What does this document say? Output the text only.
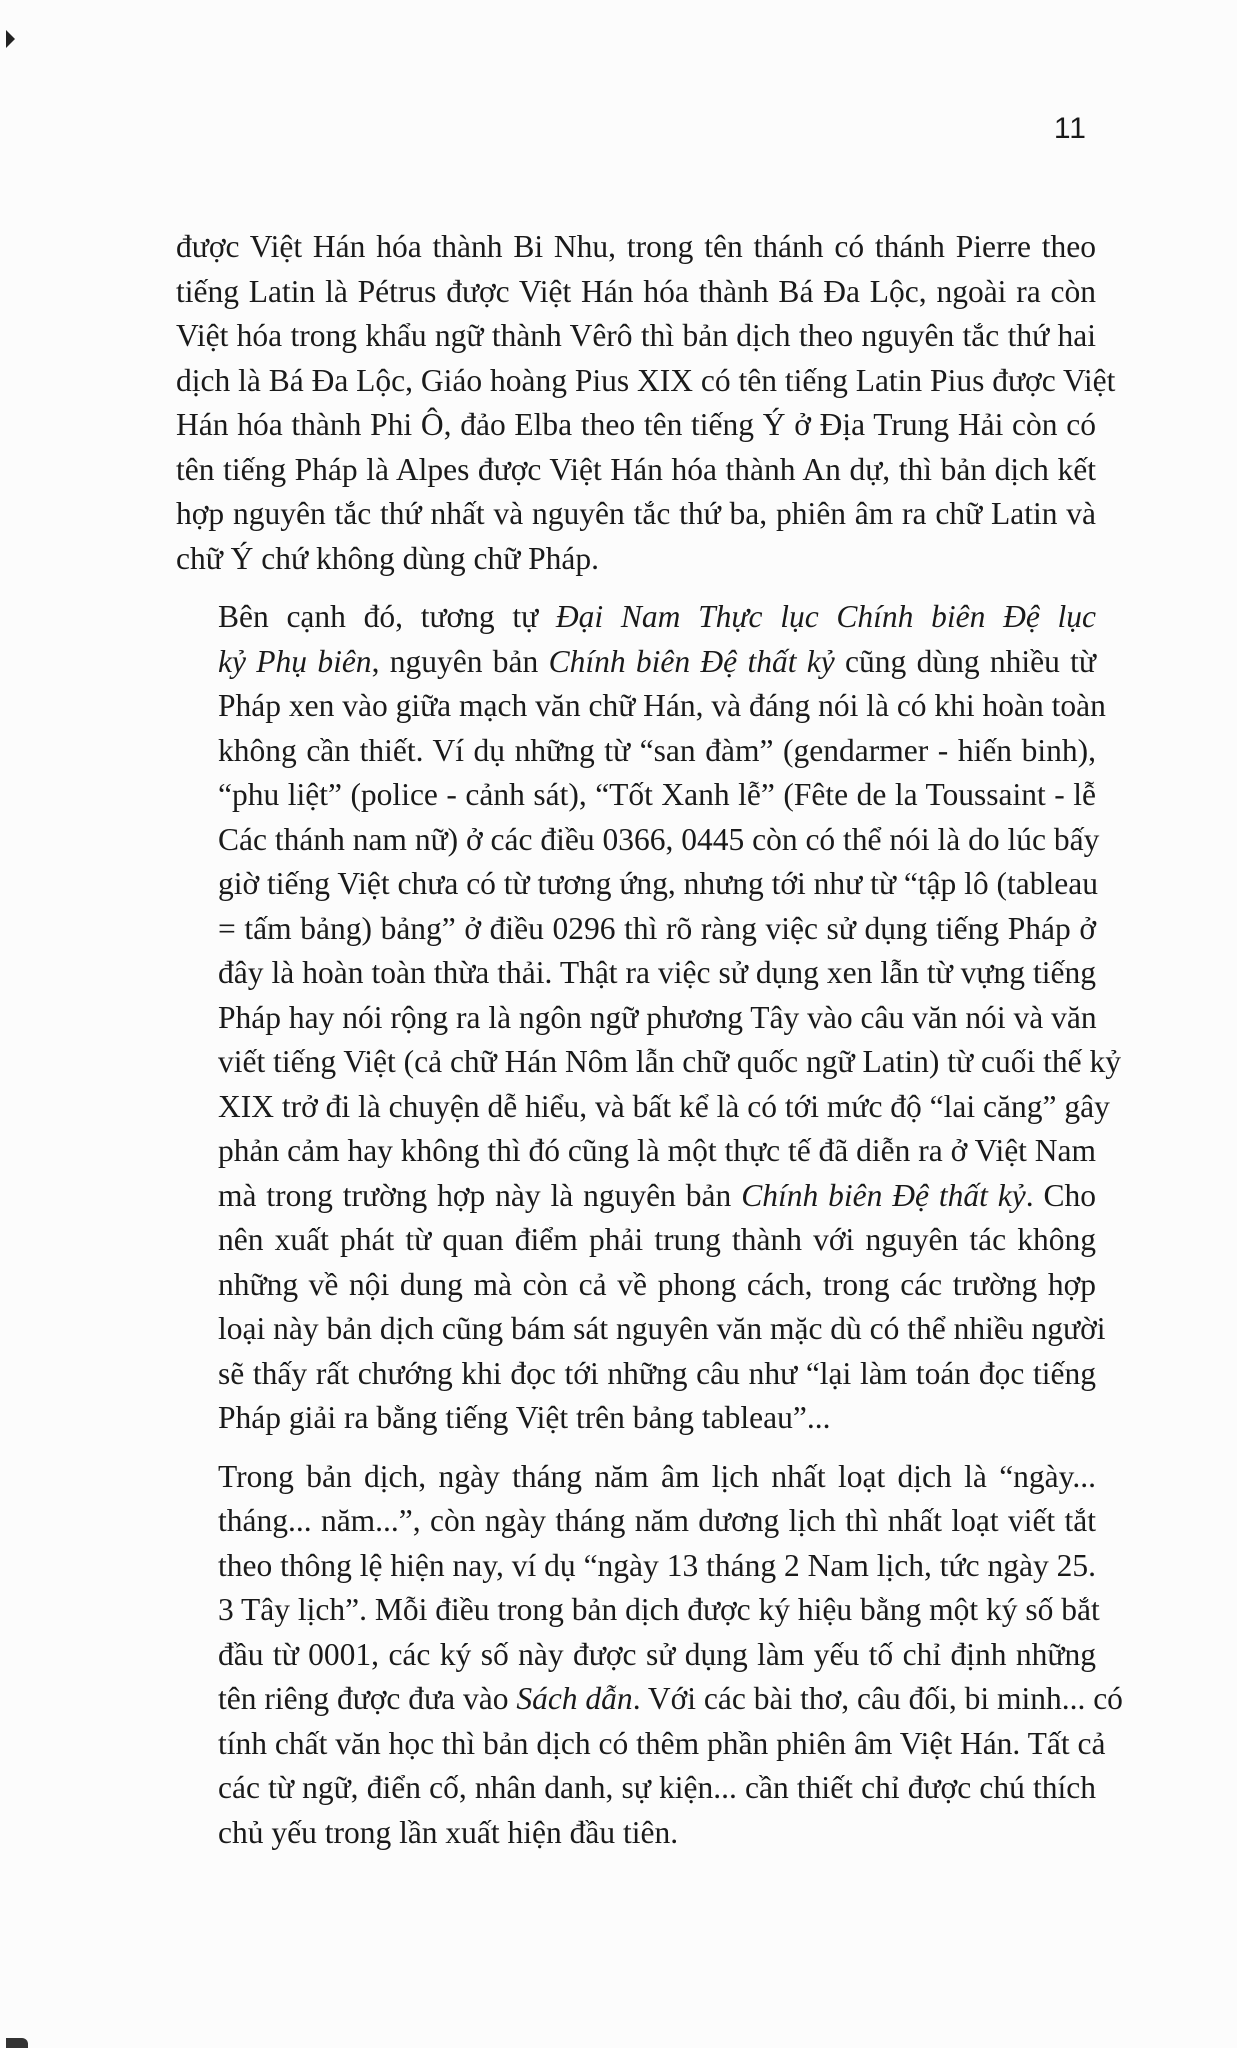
11

được Việt Hán hóa thành Bi Nhu, trong tên thánh có thánh Pierre theo
tiếng Latin là Pétrus được Việt Hán hóa thành Bá Đa Lộc, ngoài ra còn
Việt hóa trong khẩu ngữ thành Vêrô thì bản dịch theo nguyên tắc thứ hai
dịch là Bá Đa Lộc, Giáo hoàng Pius XIX có tên tiếng Latin Pius được Việt
Hán hóa thành Phi Ô, đảo Elba theo tên tiếng Ý ở Địa Trung Hải còn có
tên tiếng Pháp là Alpes được Việt Hán hóa thành An dự, thì bản dịch kết
hợp nguyên tắc thứ nhất và nguyên tắc thứ ba, phiên âm ra chữ Latin và
chữ Ý chứ không dùng chữ Pháp.

Bên cạnh đó, tương tự Đại Nam Thực lục Chính biên Đệ lục
kỷ Phụ biên, nguyên bản Chính biên Đệ thất kỷ cũng dùng nhiều từ
Pháp xen vào giữa mạch văn chữ Hán, và đáng nói là có khi hoàn toàn
không cần thiết. Ví dụ những từ “san đàm” (gendarmer - hiến binh),
“phu liệt” (police - cảnh sát), “Tốt Xanh lễ” (Fête de la Toussaint - lễ
Các thánh nam nữ) ở các điều 0366, 0445 còn có thể nói là do lúc bấy
giờ tiếng Việt chưa có từ tương ứng, nhưng tới như từ “tập lô (tableau
= tấm bảng) bảng” ở điều 0296 thì rõ ràng việc sử dụng tiếng Pháp ở
đây là hoàn toàn thừa thải. Thật ra việc sử dụng xen lẫn từ vựng tiếng
Pháp hay nói rộng ra là ngôn ngữ phương Tây vào câu văn nói và văn
viết tiếng Việt (cả chữ Hán Nôm lẫn chữ quốc ngữ Latin) từ cuối thế kỷ
XIX trở đi là chuyện dễ hiểu, và bất kể là có tới mức độ “lai căng” gây
phản cảm hay không thì đó cũng là một thực tế đã diễn ra ở Việt Nam
mà trong trường hợp này là nguyên bản Chính biên Đệ thất kỷ. Cho
nên xuất phát từ quan điểm phải trung thành với nguyên tác không
những về nội dung mà còn cả về phong cách, trong các trường hợp
loại này bản dịch cũng bám sát nguyên văn mặc dù có thể nhiều người
sẽ thấy rất chướng khi đọc tới những câu như “lại làm toán đọc tiếng
Pháp giải ra bằng tiếng Việt trên bảng tableau”...

Trong bản dịch, ngày tháng năm âm lịch nhất loạt dịch là “ngày...
tháng... năm...”, còn ngày tháng năm dương lịch thì nhất loạt viết tắt
theo thông lệ hiện nay, ví dụ “ngày 13 tháng 2 Nam lịch, tức ngày 25.
3 Tây lịch”. Mỗi điều trong bản dịch được ký hiệu bằng một ký số bắt
đầu từ 0001, các ký số này được sử dụng làm yếu tố chỉ định những
tên riêng được đưa vào Sách dẫn. Với các bài thơ, câu đối, bi minh... có
tính chất văn học thì bản dịch có thêm phần phiên âm Việt Hán. Tất cả
các từ ngữ, điển cố, nhân danh, sự kiện... cần thiết chỉ được chú thích
chủ yếu trong lần xuất hiện đầu tiên.
